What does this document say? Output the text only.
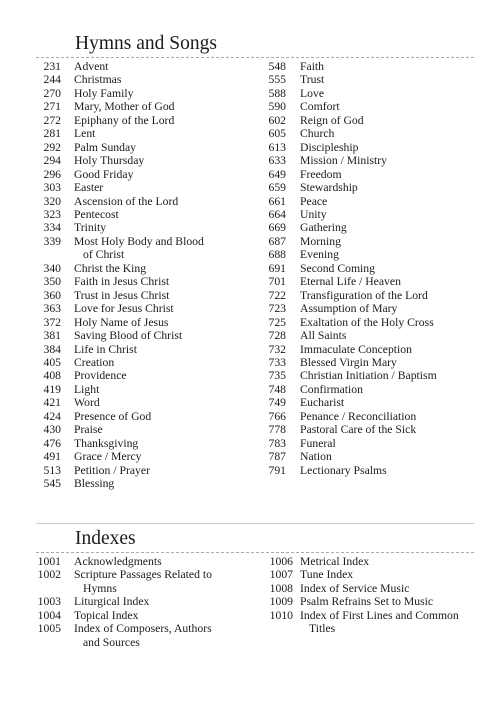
Hymns and Songs
231 Advent
244 Christmas
270 Holy Family
271 Mary, Mother of God
272 Epiphany of the Lord
281 Lent
292 Palm Sunday
294 Holy Thursday
296 Good Friday
303 Easter
320 Ascension of the Lord
323 Pentecost
334 Trinity
339 Most Holy Body and Blood
of Christ
340 Christ the King
350 Faith in Jesus Christ
360 Trust in Jesus Christ
363 Love for Jesus Christ
372 Holy Name of Jesus
381 Saving Blood of Christ
384 Life in Christ
405 Creation
408 Providence
419 Light
421 Word
424 Presence of God
430 Praise
476 Thanksgiving
491 Grace / Mercy
513 Petition / Prayer
545 Blessing
548 Faith
555 Trust
588 Love
590 Comfort
602 Reign of God
605 Church
613 Discipleship
633 Mission / Ministry
649 Freedom
659 Stewardship
661 Peace
664 Unity
669 Gathering
687 Morning
688 Evening
691 Second Coming
701 Eternal Life / Heaven
722 Transfiguration of the Lord
723 Assumption of Mary
725 Exaltation of the Holy Cross
728 All Saints
732 Immaculate Conception
733 Blessed Virgin Mary
735 Christian Initiation / Baptism
748 Confirmation
749 Eucharist
766 Penance / Reconciliation
778 Pastoral Care of the Sick
783 Funeral
787 Nation
791 Lectionary Psalms
Indexes
1001 Acknowledgments
1002 Scripture Passages Related to
Hymns
1003 Liturgical Index
1004 Topical Index
1005 Index of Composers, Authors
and Sources
1006 Metrical Index
1007 Tune Index
1008 Index of Service Music
1009 Psalm Refrains Set to Music
1010 Index of First Lines and Common
Titles
